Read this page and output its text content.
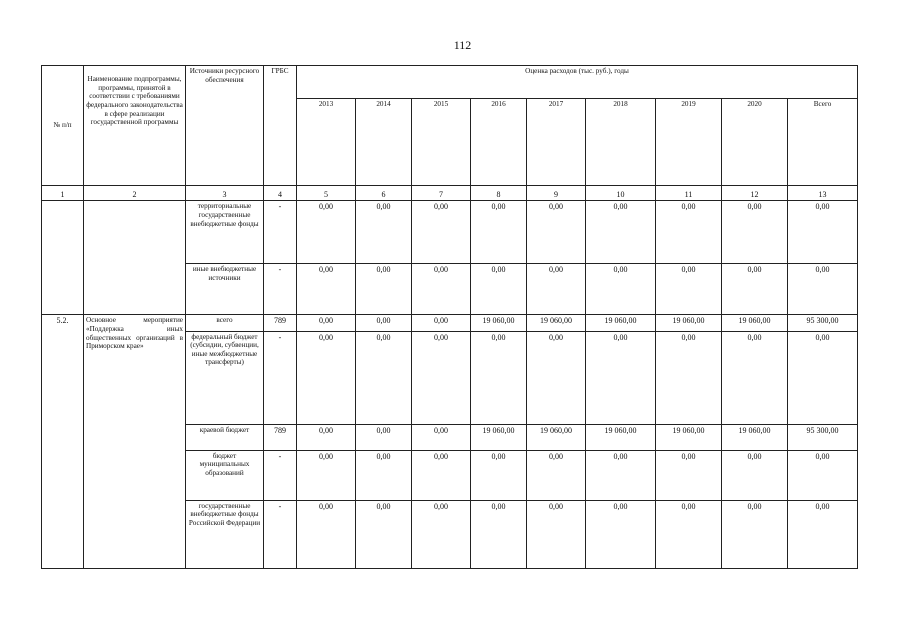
112
№ п/п	Наименование подпрограммы, программы, принятой в соответствии с требованиями федерального законодательства в сфере реализации государственной программы	Источники ресурсного обеспечения	ГРБС	Оценка расходов (тыс. руб.), годы								
				2013	2014	2015	2016	2017	2018	2019	2020	Всего
1	2	3	4	5	6	7	8	9	10	11	12	13
		территориальные государственные внебюджетные фонды	-	0,00	0,00	0,00	0,00	0,00	0,00	0,00	0,00	0,00
		иные внебюджетные источники	-	0,00	0,00	0,00	0,00	0,00	0,00	0,00	0,00	0,00
5.2.	Основное мероприятие «Поддержка иных общественных организаций в Приморском крае»	всего	789	0,00	0,00	0,00	19 060,00	19 060,00	19 060,00	19 060,00	19 060,00	95 300,00
		федеральный бюджет (субсидии, субвенции, иные межбюджетные трансферты)	-	0,00	0,00	0,00	0,00	0,00	0,00	0,00	0,00	0,00
		краевой бюджет	789	0,00	0,00	0,00	19 060,00	19 060,00	19 060,00	19 060,00	19 060,00	95 300,00
		бюджет муниципальных образований	-	0,00	0,00	0,00	0,00	0,00	0,00	0,00	0,00	0,00
		государственные внебюджетные фонды Российской Федерации	-	0,00	0,00	0,00	0,00	0,00	0,00	0,00	0,00	0,00
